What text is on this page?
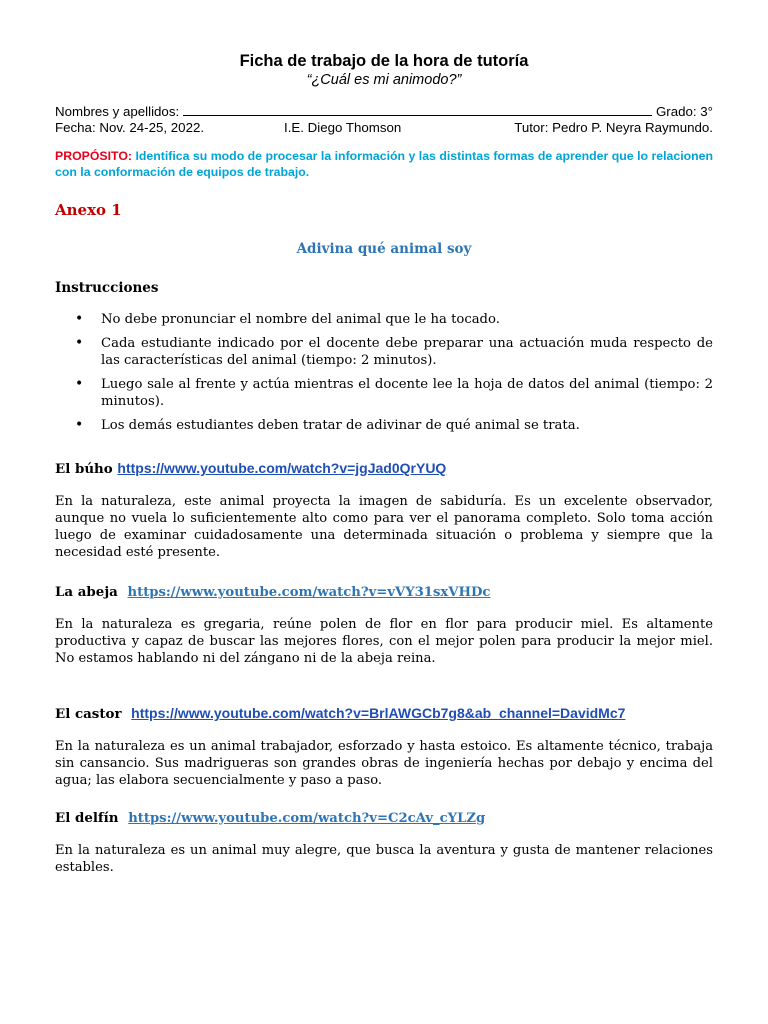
Ficha de trabajo de la hora de tutoría
“¿Cuál es mi animodo?”
Nombres y apellidos:	Grado: 3°
Fecha: Nov. 24-25, 2022.	I.E. Diego Thomson	Tutor: Pedro P. Neyra Raymundo.
PROPÓSITO: Identifica su modo de procesar la información y las distintas formas de aprender que lo relacionen con la conformación de equipos de trabajo.
Anexo 1
Adivina qué animal soy
Instrucciones
• No debe pronunciar el nombre del animal que le ha tocado.
• Cada estudiante indicado por el docente debe preparar una actuación muda respecto de las características del animal (tiempo: 2 minutos).
• Luego sale al frente y actúa mientras el docente lee la hoja de datos del animal (tiempo: 2 minutos).
• Los demás estudiantes deben tratar de adivinar de qué animal se trata.
El búho https://www.youtube.com/watch?v=jgJad0QrYUQ
En la naturaleza, este animal proyecta la imagen de sabiduría. Es un excelente observador, aunque no vuela lo suficientemente alto como para ver el panorama completo. Solo toma acción luego de examinar cuidadosamente una determinada situación o problema y siempre que la necesidad esté presente.
La abeja https://www.youtube.com/watch?v=vVY31sxVHDc
En la naturaleza es gregaria, reúne polen de flor en flor para producir miel. Es altamente productiva y capaz de buscar las mejores flores, con el mejor polen para producir la mejor miel. No estamos hablando ni del zángano ni de la abeja reina.
El castor https://www.youtube.com/watch?v=BrlAWGCb7g8&ab_channel=DavidMc7
En la naturaleza es un animal trabajador, esforzado y hasta estoico. Es altamente técnico, trabaja sin cansancio. Sus madrigueras son grandes obras de ingeniería hechas por debajo y encima del agua; las elabora secuencialmente y paso a paso.
El delfín https://www.youtube.com/watch?v=C2cAv_cYLZg
En la naturaleza es un animal muy alegre, que busca la aventura y gusta de mantener relaciones estables.
